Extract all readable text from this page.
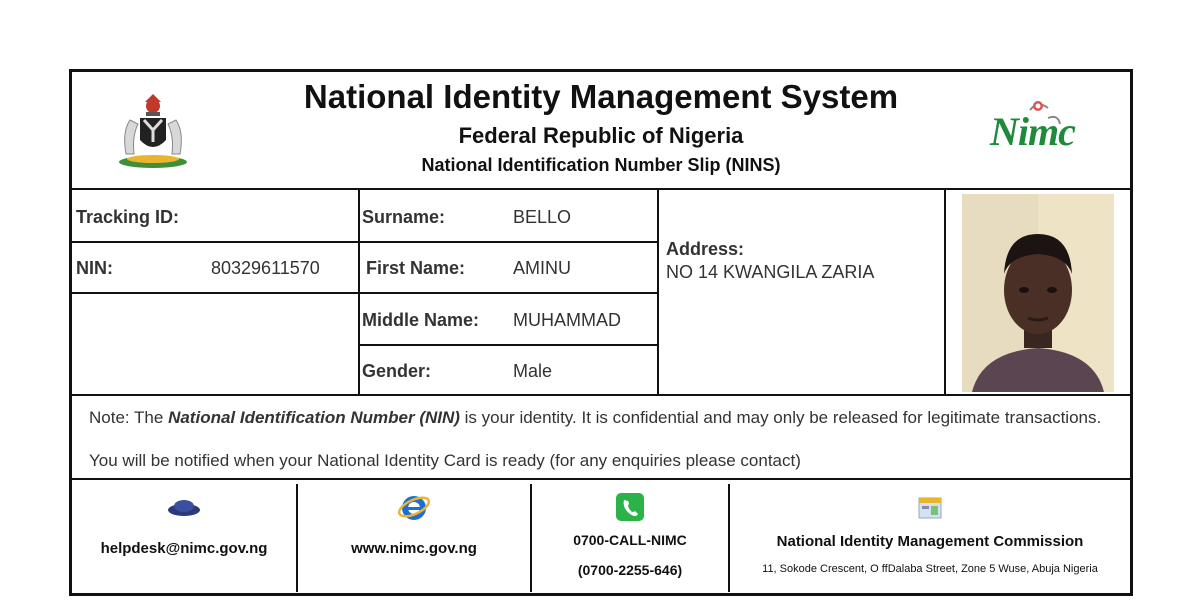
National Identity Management System
Federal Republic of Nigeria
National Identification Number Slip (NINS)
Nimc
Tracking ID:
NIN:	80329611570
Surname:	BELLO
First Name:	AMINU
Middle Name: MUHAMMAD
Gender:	Male
Address:
NO 14 KWANGILA ZARIA
Note: The National Identification Number (NIN) is your identity. It is confidential and may only be released for legitimate transactions.
You will be notified when your National Identity Card is ready (for any enquiries please contact)
helpdesk@nimc.gov.ng	www.nimc.gov.ng	0700-CALL-NIMC
(0700-2255-646)
National Identity Management Commission
11, Sokode Crescent, O ffDalaba Street, Zone 5 Wuse, Abuja Nigeria
